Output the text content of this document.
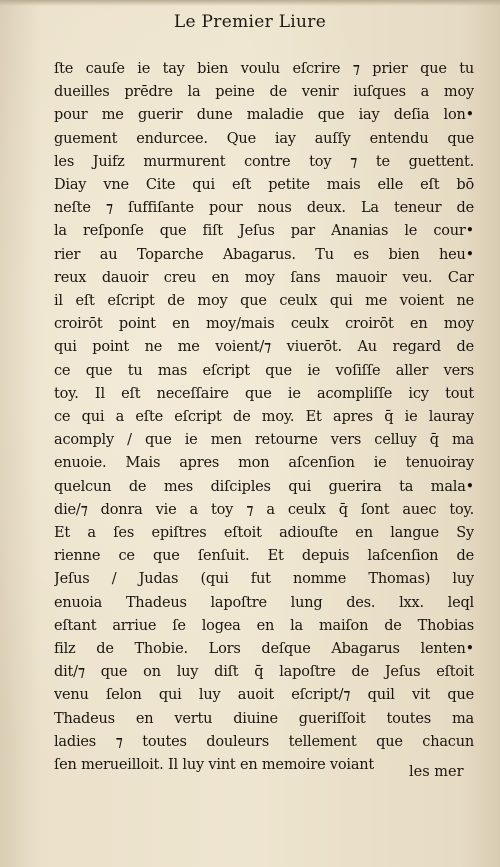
Le Premier Liure
ſte cauſe ie tay bien voulu eſcrire ⁊ prier que tu
dueilles prēdre la peine de venir iuſques a moy
pour me guerir dune maladie que iay deſia lon•
guement endurcee. Que iay auſſy entendu que
les Juifz murmurent contre toy ⁊ te guettent.
Diay vne Cite qui eſt petite mais elle eſt bō
neſte ⁊ ſuffiſante pour nous deux. La teneur de
la reſponſe que fiſt Jeſus par Ananias le cour•
rier au Toparche Abagarus. Tu es bien heu•
reux dauoir creu en moy ſans mauoir veu. Car
il eſt eſcript de moy que ceulx qui me voient ne
croirōt point en moy/mais ceulx croirōt en moy
qui point ne me voient/⁊ viuerōt. Au regard de
ce que tu mas eſcript que ie voſiſſe aller vers
toy. Il eſt neceſſaire que ie acompliſſe icy tout
ce qui a eſte eſcript de moy. Et apres q̄ ie lauray
acomply / que ie men retourne vers celluy q̄ ma
enuoie. Mais apres mon aſcenſion ie tenuoiray
quelcun de mes diſciples qui guerira ta mala•
die/⁊ donra vie a toy ⁊ a ceulx q̄ ſont auec toy.
Et a ſes epiſtres eſtoit adiouſte en langue Sy
rienne ce que ſenſuit. Et depuis laſcenſion de
Jeſus / Judas (qui fut nomme Thomas) luy
enuoia Thadeus lapoſtre lung des. lxx. leql
eſtant arriue ſe logea en la maiſon de Thobias
filz de Thobie. Lors deſque Abagarus lenten•
dit/⁊ que on luy diſt q̄ lapoſtre de Jeſus eſtoit
venu ſelon qui luy auoit eſcript/⁊ quil vit que
Thadeus en vertu diuine gueriſſoit toutes ma
ladies ⁊ toutes douleurs tellement que chacun
ſen merueilloit. Il luy vint en memoire voiant	les mer
